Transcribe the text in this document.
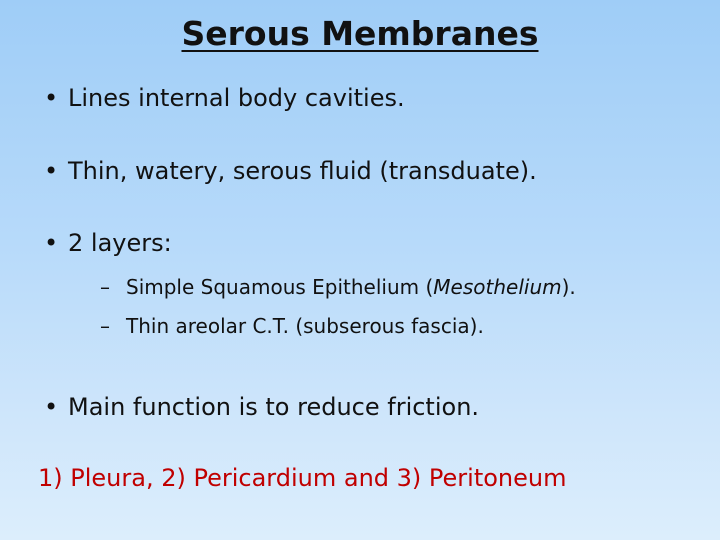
Serous Membranes
• Lines internal body cavities.
• Thin, watery, serous fluid (transduate).
• 2 layers:
– Simple Squamous Epithelium (Mesothelium).
– Thin areolar C.T. (subserous fascia).
• Main function is to reduce friction.
1) Pleura, 2) Pericardium and 3) Peritoneum
